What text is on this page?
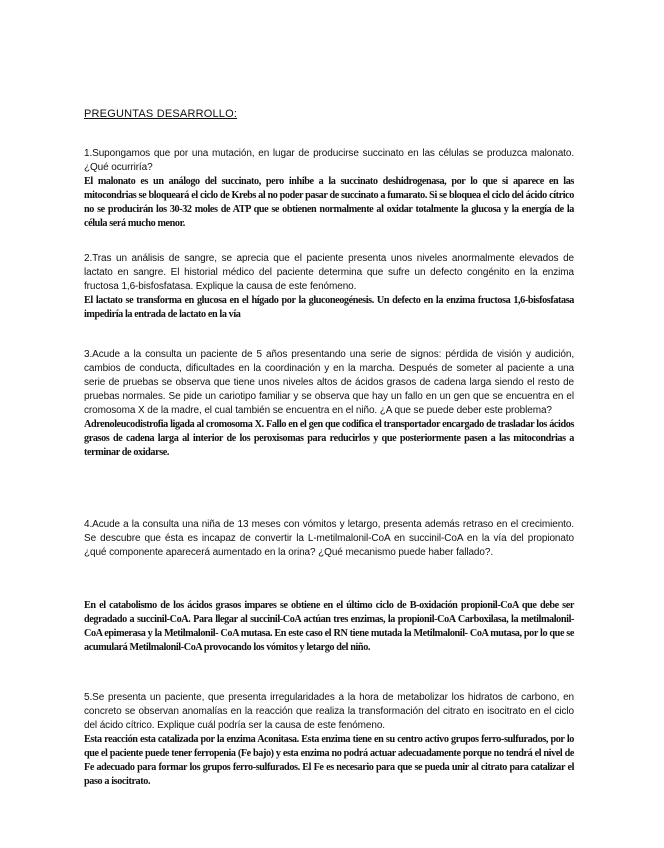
PREGUNTAS DESARROLLO:

1.Supongamos que por una mutación, en lugar de producirse succinato en las células se produzca malonato. ¿Qué ocurriría?

El malonato es un análogo del succinato, pero inhibe a la succinato deshidrogenasa, por lo que si aparece en las mitocondrias se bloqueará el ciclo de Krebs al no poder pasar de succinato a fumarato. Si se bloquea el ciclo del ácido cítrico no se producirán los 30-32 moles de ATP que se obtienen normalmente al oxidar totalmente la glucosa y la energía de la célula será mucho menor.

2.Tras un análisis de sangre, se aprecia que el paciente presenta unos niveles anormalmente elevados de lactato en sangre. El historial médico del paciente determina que sufre un defecto congénito en la enzima fructosa 1,6-bisfosfatasa. Explique la causa de este fenómeno.

El lactato se transforma en glucosa en el hígado por la gluconeogénesis. Un defecto en la enzima fructosa 1,6-bisfosfatasa impediría la entrada de lactato en la vía

3.Acude a la consulta un paciente de 5 años presentando una serie de signos: pérdida de visión y audición, cambios de conducta, dificultades en la coordinación y en la marcha. Después de someter al paciente a una serie de pruebas se observa que tiene unos niveles altos de ácidos grasos de cadena larga siendo el resto de pruebas normales. Se pide un cariotipo familiar y se observa que hay un fallo en un gen que se encuentra en el cromosoma X de la madre, el cual también se encuentra en el niño. ¿A que se puede deber este problema?

Adrenoleucodistrofia ligada al cromosoma X. Fallo en el gen que codifica el transportador encargado de trasladar los ácidos grasos de cadena larga al interior de los peroxisomas para reducirlos y que posteriormente pasen a las mitocondrias a terminar de oxidarse.

4.Acude a la consulta una niña de 13 meses con vómitos y letargo, presenta además retraso en el crecimiento. Se descubre que ésta es incapaz de convertir la L-metilmalonil-CoA en succinil-CoA en la vía del propionato ¿qué componente aparecerá aumentado en la orina? ¿Qué mecanismo puede haber fallado?.

En el catabolismo de los ácidos grasos impares se obtiene en el último ciclo de B-oxidación propionil-CoA que debe ser degradado a succinil-CoA. Para llegar al succinil-CoA actúan tres enzimas, la propionil-CoA Carboxilasa, la metilmalonil-CoA epimerasa y la Metilmalonil- CoA mutasa. En este caso el RN tiene mutada la Metilmalonil- CoA mutasa, por lo que se acumulará Metilmalonil-CoA provocando los vómitos y letargo del niño.

5.Se presenta un paciente, que presenta irregularidades a la hora de metabolizar los hidratos de carbono, en concreto se observan anomalías en la reacción que realiza la transformación del citrato en isocitrato en el ciclo del ácido cítrico. Explique cuál podría ser la causa de este fenómeno.

Esta reacción esta catalizada por la enzima Aconitasa. Esta enzima tiene en su centro activo grupos ferro-sulfurados, por lo que el paciente puede tener ferropenia (Fe bajo) y esta enzima no podrá actuar adecuadamente porque no tendrá el nivel de Fe adecuado para formar los grupos ferro-sulfurados. El Fe es necesario para que se pueda unir al citrato para catalizar el paso a isocitrato.
